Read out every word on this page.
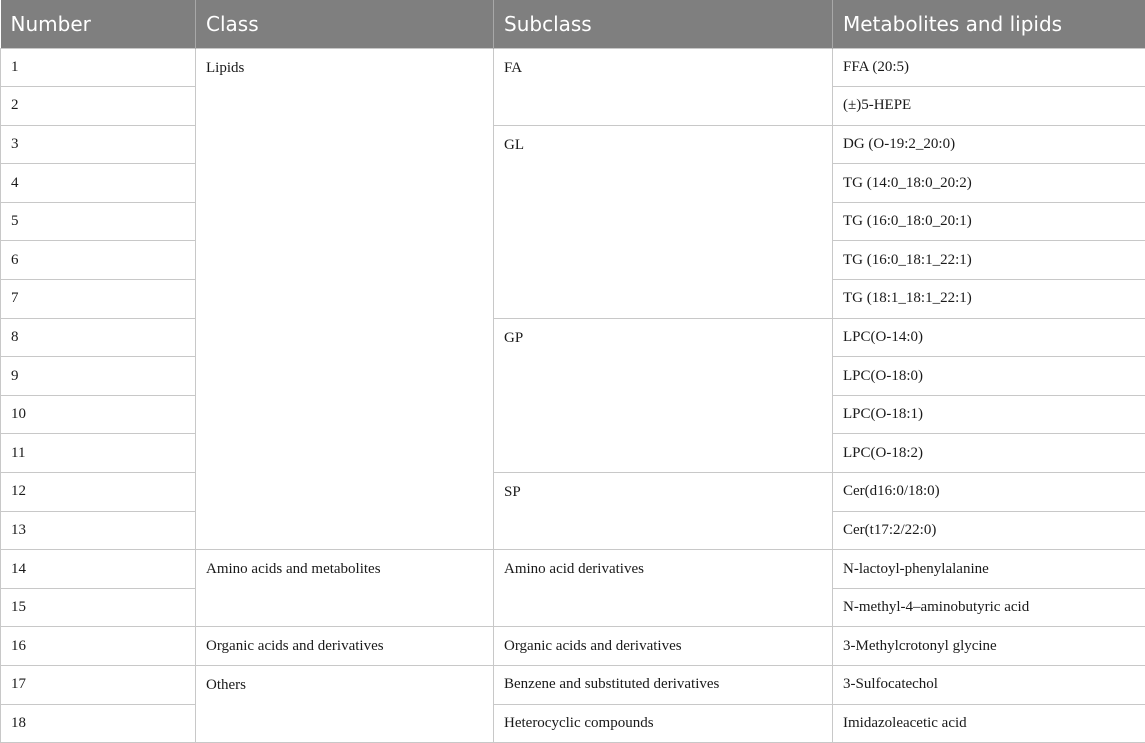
Number	Class	Subclass	Metabolites and lipids
1	Lipids	FA	FFA (20:5)
2			(±)5-HEPE
3		GL	DG (O-19:2_20:0)
4			TG (14:0_18:0_20:2)
5			TG (16:0_18:0_20:1)
6			TG (16:0_18:1_22:1)
7			TG (18:1_18:1_22:1)
8		GP	LPC(O-14:0)
9			LPC(O-18:0)
10			LPC(O-18:1)
11			LPC(O-18:2)
12		SP	Cer(d16:0/18:0)
13			Cer(t17:2/22:0)
14	Amino acids and metabolites	Amino acid derivatives	N-lactoyl-phenylalanine
15			N-methyl-4–aminobutyric acid
16	Organic acids and derivatives	Organic acids and derivatives	3-Methylcrotonyl glycine
17	Others	Benzene and substituted derivatives	3-Sulfocatechol
18		Heterocyclic compounds	Imidazoleacetic acid
